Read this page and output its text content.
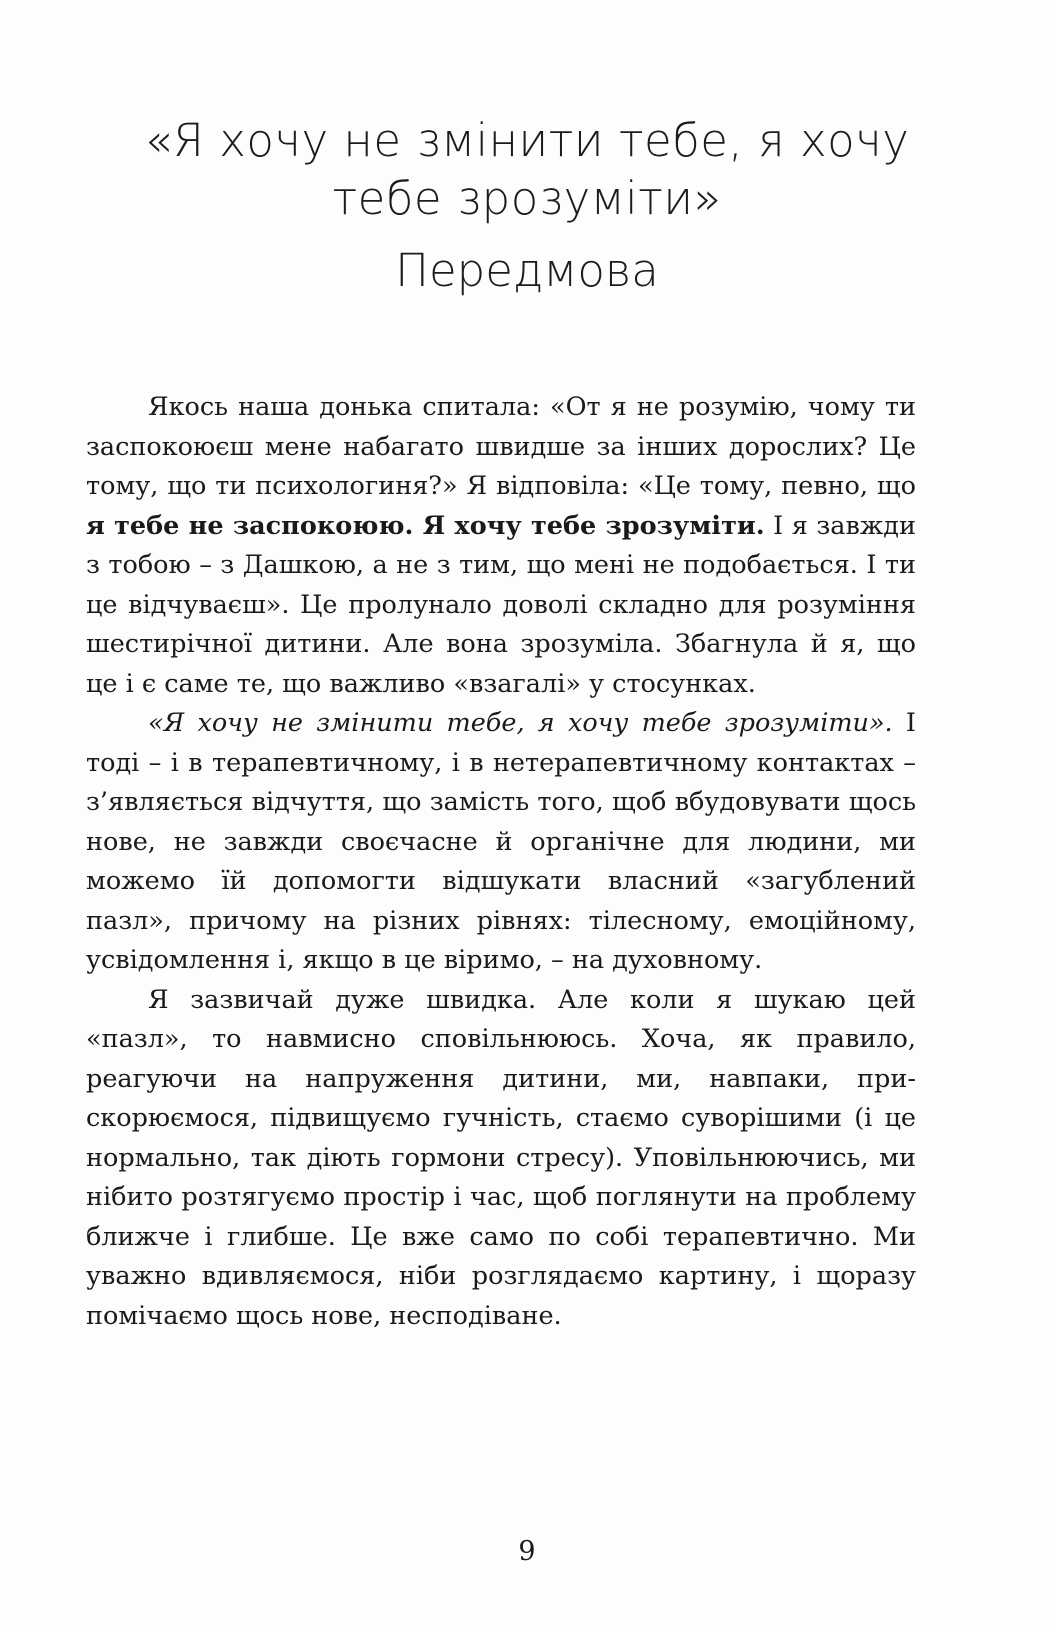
«Я хочу не змінити тебе, я хочу
тебе зрозуміти»
Передмова

Якось наша донька спитала: «От я не розумію, чому ти заспокоюєш мене набагато швидше за інших дорослих? Це тому, що ти психологиня?» Я відповіла: «Це тому, певно, що я тебе не заспокоюю. Я хочу тебе зрозуміти. І я завжди з тобою – з Дашкою, а не з тим, що мені не подобається. І ти це відчуваєш». Це пролунало доволі складно для розуміння шестирічної дитини. Але вона зрозуміла. Збагнула й я, що це і є саме те, що важливо «взагалі» у стосунках.

«Я хочу не змінити тебе, я хочу тебе зрозуміти». І тоді – і в терапевтичному, і в нетерапевтичному контактах – з’являється відчуття, що замість того, щоб вбудовувати щось нове, не завжди своєчасне й органічне для людини, ми можемо їй допомогти відшукати власний «загублений пазл», причому на різних рівнях: тілесному, емоційному, усвідомлення і, якщо в це віримо, – на духовному.

Я зазвичай дуже швидка. Але коли я шукаю цей «пазл», то навмисно сповільнююсь. Хоча, як правило, реагуючи на напруження дитини, ми, навпаки, прискорюємося, підвищуємо гучність, стаємо суворішими (і це нормально, так діють гормони стресу). Уповільнюючись, ми нібито розтягуємо простір і час, щоб поглянути на проблему ближче і глибше. Це вже само по собі терапевтично. Ми уважно вдивляємося, ніби розглядаємо картину, і щоразу помічаємо щось нове, несподіване.

9
